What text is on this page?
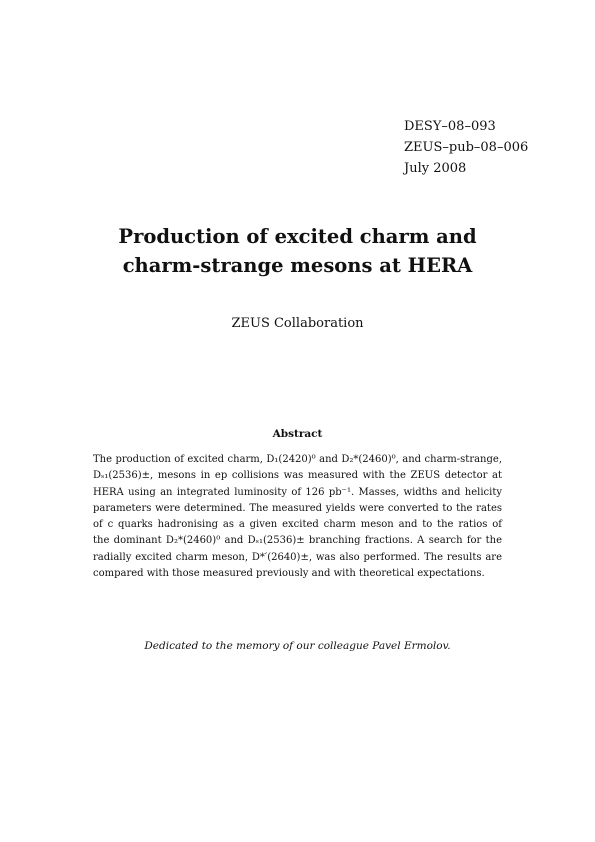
DESY–08–093
ZEUS–pub–08–006
July 2008
Production of excited charm and
charm-strange mesons at HERA
ZEUS Collaboration
Abstract
The production of excited charm, D₁(2420)⁰ and D₂*(2460)⁰, and charm-strange,
Dₛ₁(2536)±, mesons in ep collisions was measured with the ZEUS detector at
HERA using an integrated luminosity of 126 pb⁻¹. Masses, widths and helicity
parameters were determined. The measured yields were converted to the rates
of c quarks hadronising as a given excited charm meson and to the ratios of
the dominant D₂*(2460)⁰ and Dₛ₁(2536)± branching fractions. A search for the
radially excited charm meson, D*′(2640)±, was also performed. The results are
compared with those measured previously and with theoretical expectations.
Dedicated to the memory of our colleague Pavel Ermolov.
